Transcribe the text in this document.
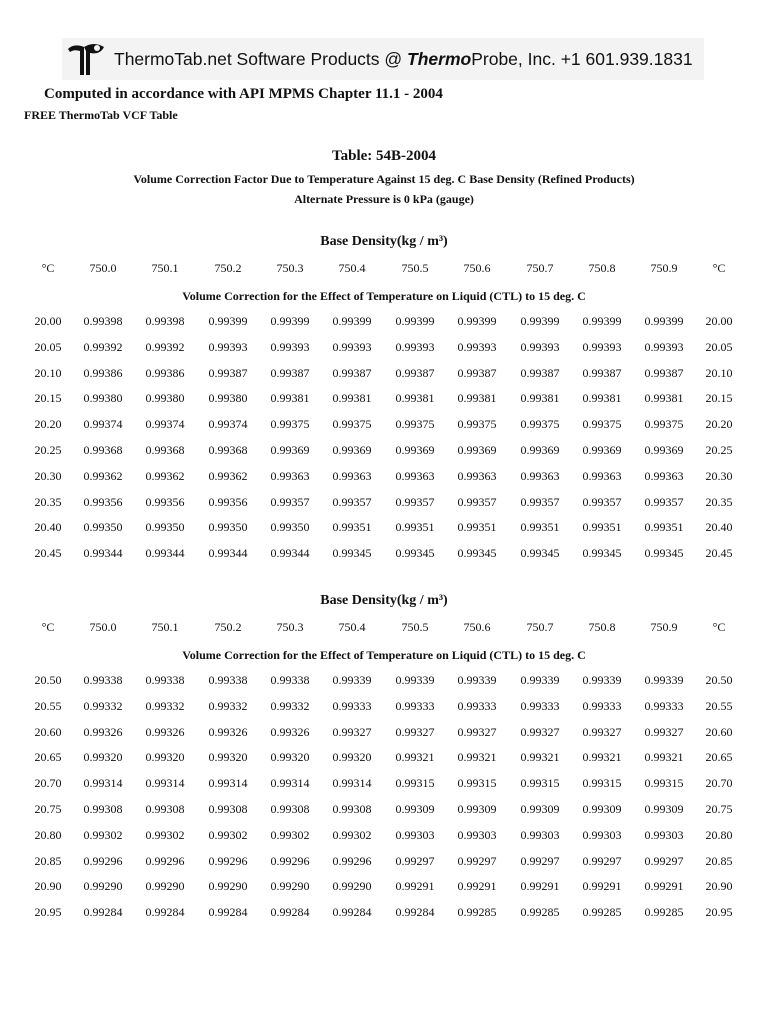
ThermoTab.net Software Products @ ThermoProbe, Inc. +1 601.939.1831
Computed in accordance with API MPMS Chapter 11.1 - 2004
FREE ThermoTab VCF Table
Table: 54B-2004
Volume Correction Factor Due to Temperature Against 15 deg. C Base Density (Refined Products)
Alternate Pressure is 0 kPa (gauge)
Base Density(kg / m³)
°C	750.0	750.1	750.2	750.3	750.4	750.5	750.6	750.7	750.8	750.9	°C
Volume Correction for the Effect of Temperature on Liquid (CTL) to 15 deg. C
20.00	0.99398	0.99398	0.99399	0.99399	0.99399	0.99399	0.99399	0.99399	0.99399	0.99399	20.00
20.05	0.99392	0.99392	0.99393	0.99393	0.99393	0.99393	0.99393	0.99393	0.99393	0.99393	20.05
20.10	0.99386	0.99386	0.99387	0.99387	0.99387	0.99387	0.99387	0.99387	0.99387	0.99387	20.10
20.15	0.99380	0.99380	0.99380	0.99381	0.99381	0.99381	0.99381	0.99381	0.99381	0.99381	20.15
20.20	0.99374	0.99374	0.99374	0.99375	0.99375	0.99375	0.99375	0.99375	0.99375	0.99375	20.20
20.25	0.99368	0.99368	0.99368	0.99369	0.99369	0.99369	0.99369	0.99369	0.99369	0.99369	20.25
20.30	0.99362	0.99362	0.99362	0.99363	0.99363	0.99363	0.99363	0.99363	0.99363	0.99363	20.30
20.35	0.99356	0.99356	0.99356	0.99357	0.99357	0.99357	0.99357	0.99357	0.99357	0.99357	20.35
20.40	0.99350	0.99350	0.99350	0.99350	0.99351	0.99351	0.99351	0.99351	0.99351	0.99351	20.40
20.45	0.99344	0.99344	0.99344	0.99344	0.99345	0.99345	0.99345	0.99345	0.99345	0.99345	20.45
Base Density(kg / m³)
°C	750.0	750.1	750.2	750.3	750.4	750.5	750.6	750.7	750.8	750.9	°C
Volume Correction for the Effect of Temperature on Liquid (CTL) to 15 deg. C
20.50	0.99338	0.99338	0.99338	0.99338	0.99339	0.99339	0.99339	0.99339	0.99339	0.99339	20.50
20.55	0.99332	0.99332	0.99332	0.99332	0.99333	0.99333	0.99333	0.99333	0.99333	0.99333	20.55
20.60	0.99326	0.99326	0.99326	0.99326	0.99327	0.99327	0.99327	0.99327	0.99327	0.99327	20.60
20.65	0.99320	0.99320	0.99320	0.99320	0.99320	0.99321	0.99321	0.99321	0.99321	0.99321	20.65
20.70	0.99314	0.99314	0.99314	0.99314	0.99314	0.99315	0.99315	0.99315	0.99315	0.99315	20.70
20.75	0.99308	0.99308	0.99308	0.99308	0.99308	0.99309	0.99309	0.99309	0.99309	0.99309	20.75
20.80	0.99302	0.99302	0.99302	0.99302	0.99302	0.99303	0.99303	0.99303	0.99303	0.99303	20.80
20.85	0.99296	0.99296	0.99296	0.99296	0.99296	0.99297	0.99297	0.99297	0.99297	0.99297	20.85
20.90	0.99290	0.99290	0.99290	0.99290	0.99290	0.99291	0.99291	0.99291	0.99291	0.99291	20.90
20.95	0.99284	0.99284	0.99284	0.99284	0.99284	0.99284	0.99285	0.99285	0.99285	0.99285	20.95
